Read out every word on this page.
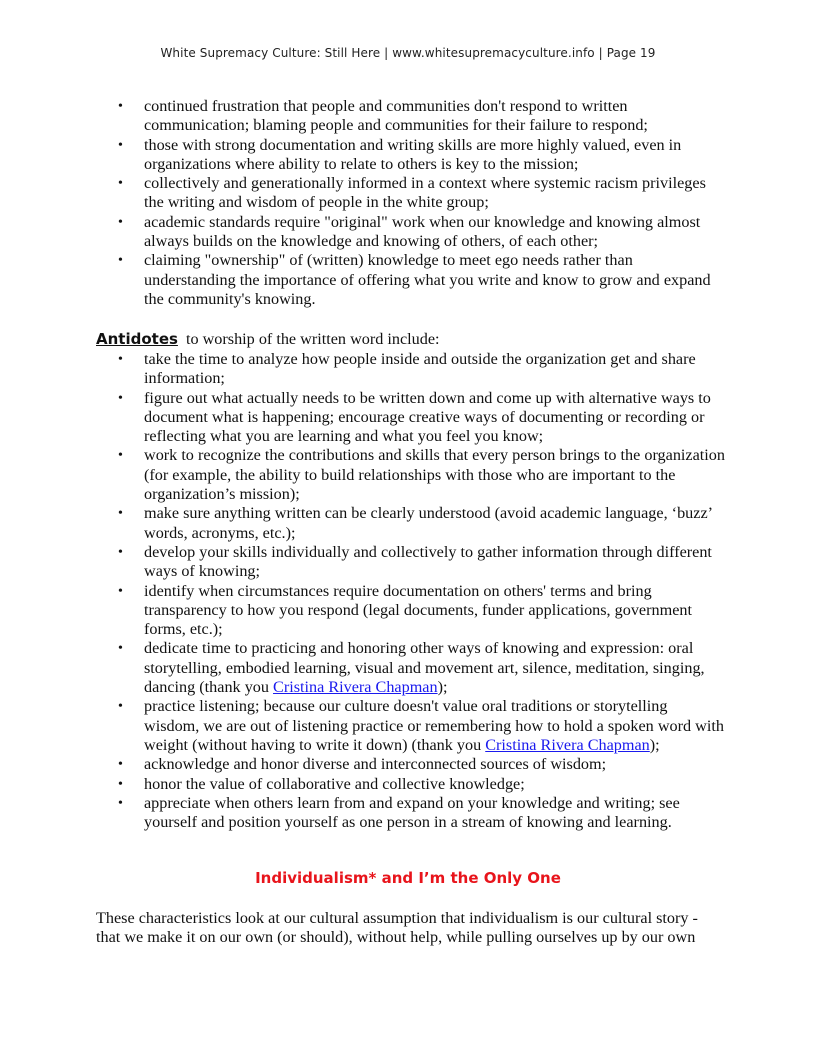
White Supremacy Culture: Still Here | www.whitesupremacyculture.info | Page 19
• continued frustration that people and communities don't respond to written communication; blaming people and communities for their failure to respond;
• those with strong documentation and writing skills are more highly valued, even in organizations where ability to relate to others is key to the mission;
• collectively and generationally informed in a context where systemic racism privileges the writing and wisdom of people in the white group;
• academic standards require "original" work when our knowledge and knowing almost always builds on the knowledge and knowing of others, of each other;
• claiming "ownership" of (written) knowledge to meet ego needs rather than understanding the importance of offering what you write and know to grow and expand the community's knowing.
Antidotes to worship of the written word include:
• take the time to analyze how people inside and outside the organization get and share information;
• figure out what actually needs to be written down and come up with alternative ways to document what is happening; encourage creative ways of documenting or recording or reflecting what you are learning and what you feel you know;
• work to recognize the contributions and skills that every person brings to the organization (for example, the ability to build relationships with those who are important to the organization’s mission);
• make sure anything written can be clearly understood (avoid academic language, ‘buzz’ words, acronyms, etc.);
• develop your skills individually and collectively to gather information through different ways of knowing;
• identify when circumstances require documentation on others' terms and bring transparency to how you respond (legal documents, funder applications, government forms, etc.);
• dedicate time to practicing and honoring other ways of knowing and expression: oral storytelling, embodied learning, visual and movement art, silence, meditation, singing, dancing (thank you Cristina Rivera Chapman);
• practice listening; because our culture doesn't value oral traditions or storytelling wisdom, we are out of listening practice or remembering how to hold a spoken word with weight (without having to write it down) (thank you Cristina Rivera Chapman);
• acknowledge and honor diverse and interconnected sources of wisdom;
• honor the value of collaborative and collective knowledge;
• appreciate when others learn from and expand on your knowledge and writing; see yourself and position yourself as one person in a stream of knowing and learning.
Individualism* and I’m the Only One
These characteristics look at our cultural assumption that individualism is our cultural story - that we make it on our own (or should), without help, while pulling ourselves up by our own
